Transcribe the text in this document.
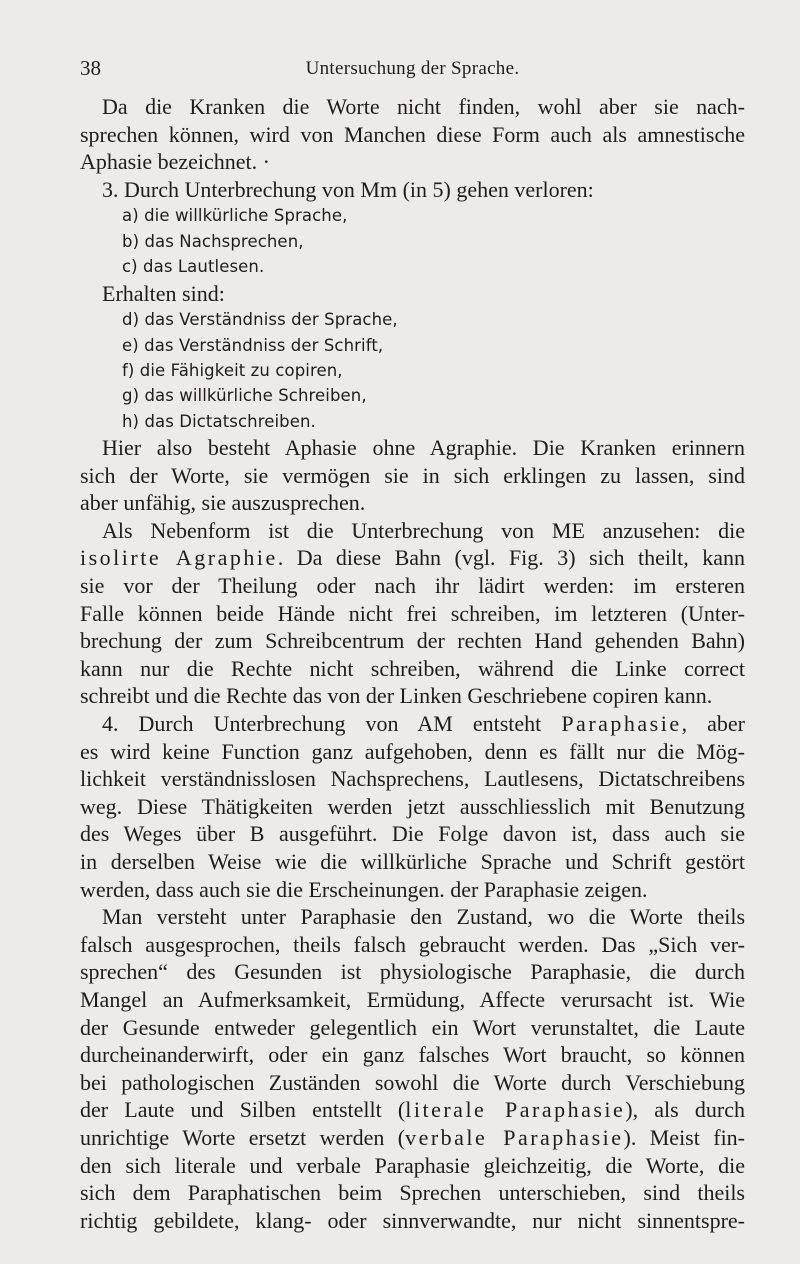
38	Untersuchung der Sprache.
Da die Kranken die Worte nicht finden, wohl aber sie nach-
sprechen können, wird von Manchen diese Form auch als amnestische
Aphasie bezeichnet. ·
3. Durch Unterbrechung von Mm (in 5) gehen verloren:
a) die willkürliche Sprache,
b) das Nachsprechen,
c) das Lautlesen.
Erhalten sind:
d) das Verständniss der Sprache,
e) das Verständniss der Schrift,
f) die Fähigkeit zu copiren,
g) das willkürliche Schreiben,
h) das Dictatschreiben.
Hier also besteht Aphasie ohne Agraphie. Die Kranken erinnern
sich der Worte, sie vermögen sie in sich erklingen zu lassen, sind
aber unfähig, sie auszusprechen.
Als Nebenform ist die Unterbrechung von ME anzusehen: die
isolirte Agraphie. Da diese Bahn (vgl. Fig. 3) sich theilt, kann
sie vor der Theilung oder nach ihr lädirt werden: im ersteren
Falle können beide Hände nicht frei schreiben, im letzteren (Unter-
brechung der zum Schreibcentrum der rechten Hand gehenden Bahn)
kann nur die Rechte nicht schreiben, während die Linke correct
schreibt und die Rechte das von der Linken Geschriebene copiren kann.
4. Durch Unterbrechung von AM entsteht Paraphasie, aber
es wird keine Function ganz aufgehoben, denn es fällt nur die Mög-
lichkeit verständnisslosen Nachsprechens, Lautlesens, Dictatschreibens
weg. Diese Thätigkeiten werden jetzt ausschliesslich mit Benutzung
des Weges über B ausgeführt. Die Folge davon ist, dass auch sie
in derselben Weise wie die willkürliche Sprache und Schrift gestört
werden, dass auch sie die Erscheinungen. der Paraphasie zeigen.
Man versteht unter Paraphasie den Zustand, wo die Worte theils
falsch ausgesprochen, theils falsch gebraucht werden. Das „Sich ver-
sprechen“ des Gesunden ist physiologische Paraphasie, die durch
Mangel an Aufmerksamkeit, Ermüdung, Affecte verursacht ist. Wie
der Gesunde entweder gelegentlich ein Wort verunstaltet, die Laute
durcheinanderwirft, oder ein ganz falsches Wort braucht, so können
bei pathologischen Zuständen sowohl die Worte durch Verschiebung
der Laute und Silben entstellt (literale Paraphasie), als durch
unrichtige Worte ersetzt werden (verbale Paraphasie). Meist fin-
den sich literale und verbale Paraphasie gleichzeitig, die Worte, die
sich dem Paraphatischen beim Sprechen unterschieben, sind theils
richtig gebildete, klang- oder sinnverwandte, nur nicht sinnentspre-
